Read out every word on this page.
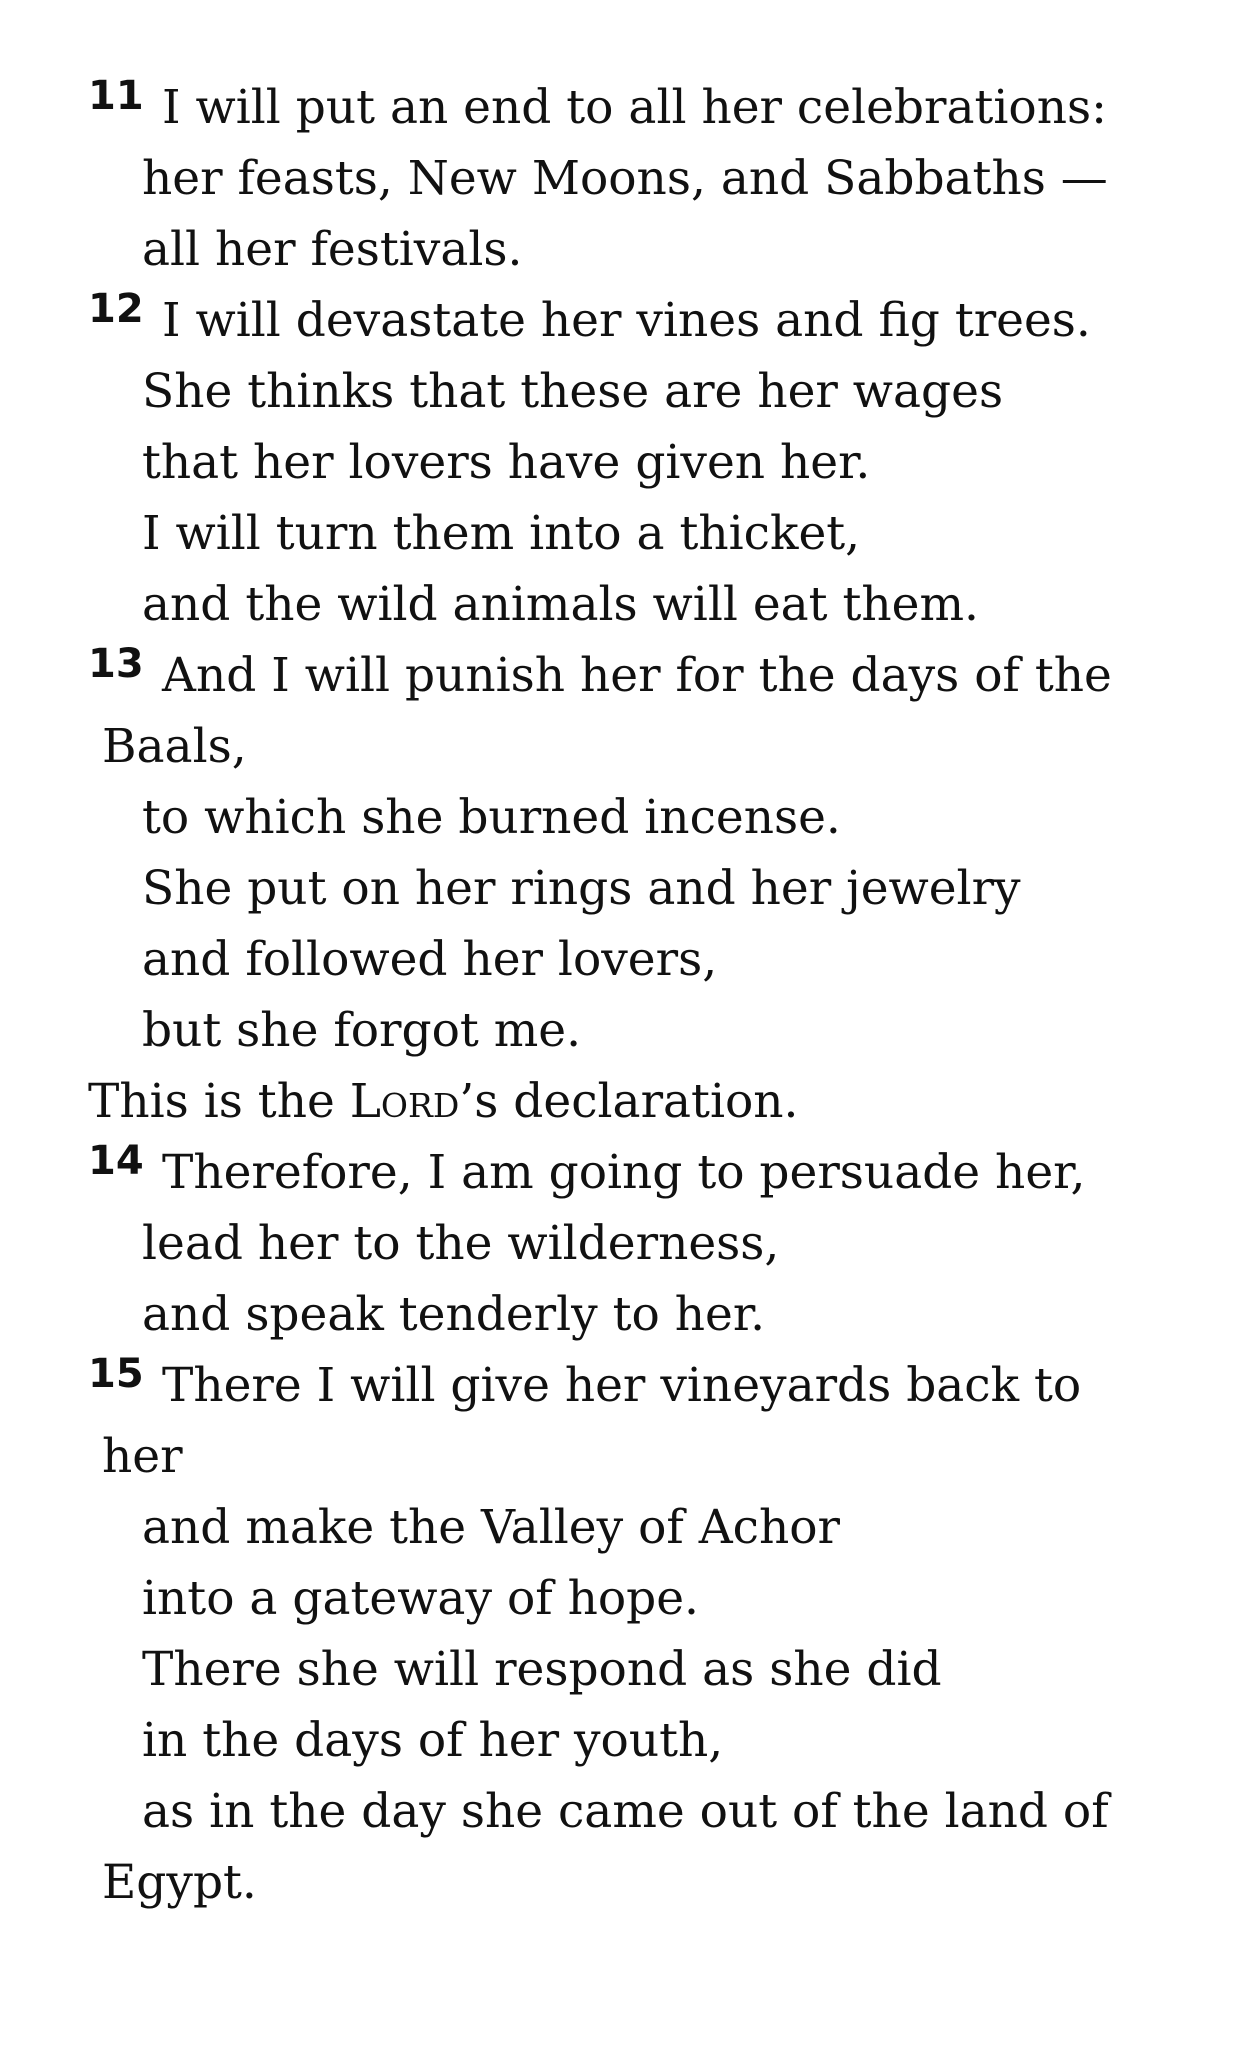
11 I will put an end to all her celebrations:
her feasts, New Moons, and Sabbaths —
all her festivals.
12 I will devastate her vines and fig trees.
She thinks that these are her wages
that her lovers have given her.
I will turn them into a thicket,
and the wild animals will eat them.
13 And I will punish her for the days of the
Baals,
to which she burned incense.
She put on her rings and her jewelry
and followed her lovers,
but she forgot me.
This is the Lord’s declaration.
14 Therefore, I am going to persuade her,
lead her to the wilderness,
and speak tenderly to her.
15 There I will give her vineyards back to
her
and make the Valley of Achor
into a gateway of hope.
There she will respond as she did
in the days of her youth,
as in the day she came out of the land of
Egypt.
